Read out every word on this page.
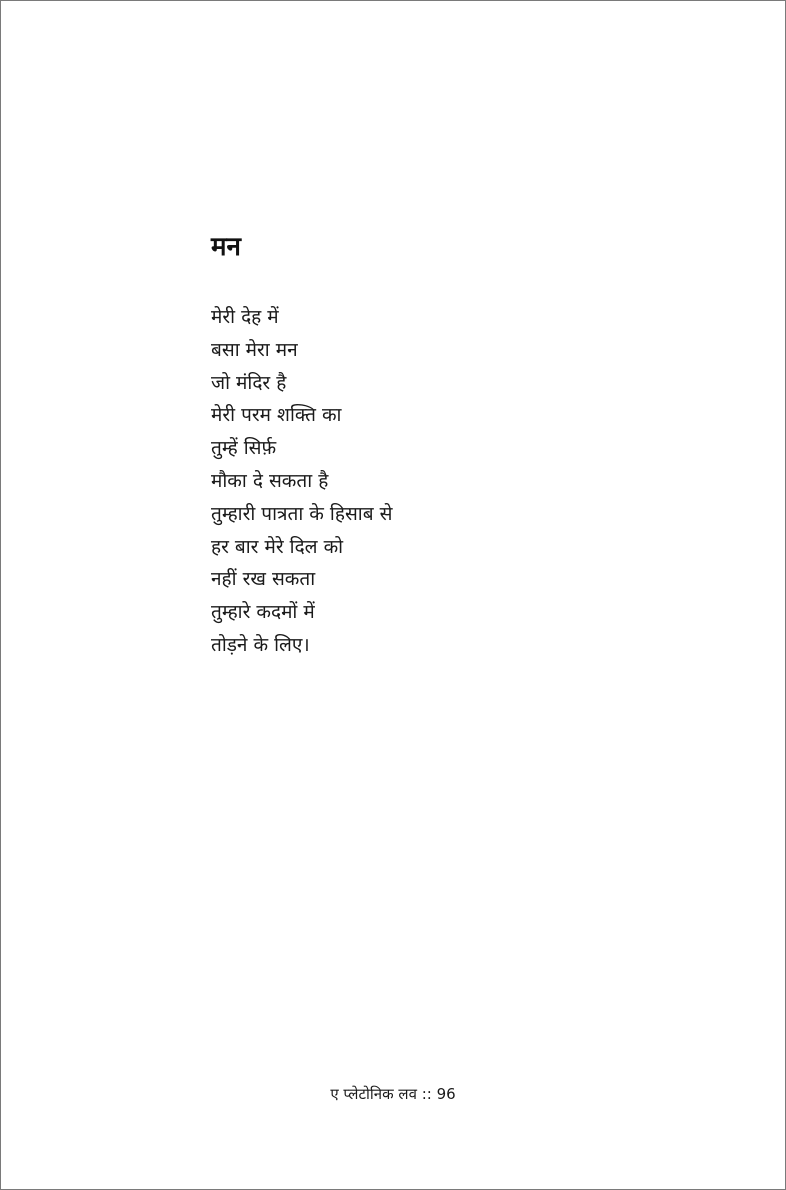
मन
मेरी देह में
बसा मेरा मन
जो मंदिर है
मेरी परम शक्ति का
तुम्हें सिर्फ़
मौका दे सकता है
तुम्हारी पात्रता के हिसाब से
हर बार मेरे दिल को
नहीं रख सकता
तुम्हारे कदमों में
तोड़ने के लिए।
ए प्लेटोनिक लव :: 96
